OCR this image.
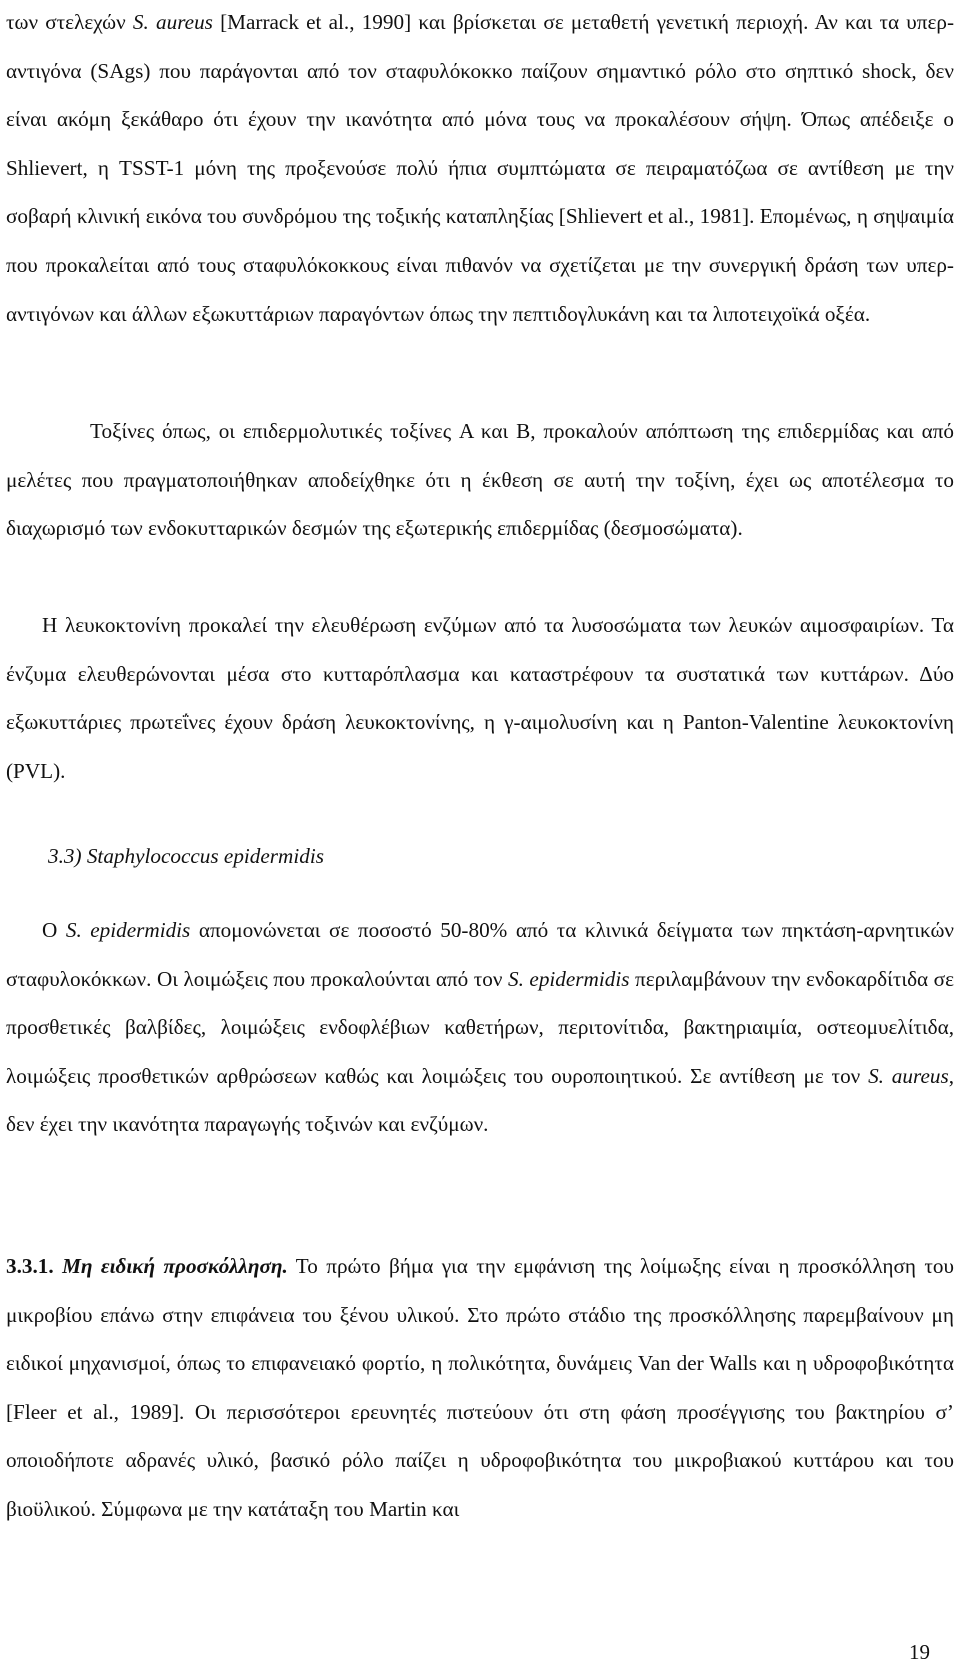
των στελεχών S. aureus [Marrack et al., 1990] και βρίσκεται σε μεταθετή γενετική περιοχή. Αν και τα υπερ-αντιγόνα (SAgs) που παράγονται από τον σταφυλόκοκκο παίζουν σημαντικό ρόλο στο σηπτικό shock, δεν είναι ακόμη ξεκάθαρο ότι έχουν την ικανότητα από μόνα τους να προκαλέσουν σήψη. Όπως απέδειξε ο Shlievert, η TSST-1 μόνη της προξενούσε πολύ ήπια συμπτώματα σε πειραματόζωα σε αντίθεση με την σοβαρή κλινική εικόνα του συνδρόμου της τοξικής καταπληξίας [Shlievert et al., 1981]. Επομένως, η σηψαιμία που προκαλείται από τους σταφυλόκοκκους είναι πιθανόν να σχετίζεται με την συνεργική δράση των υπερ-αντιγόνων και άλλων εξωκυττάριων παραγόντων όπως την πεπτιδογλυκάνη και τα λιποτειχοϊκά οξέα.

Τοξίνες όπως, οι επιδερμολυτικές τοξίνες A και B, προκαλούν απόπτωση της επιδερμίδας και από μελέτες που πραγματοποιήθηκαν αποδείχθηκε ότι η έκθεση σε αυτή την τοξίνη, έχει ως αποτέλεσμα το διαχωρισμό των ενδοκυτταρικών δεσμών της εξωτερικής επιδερμίδας (δεσμοσώματα).

Η λευκοκτονίνη προκαλεί την ελευθέρωση ενζύμων από τα λυσοσώματα των λευκών αιμοσφαιρίων. Τα ένζυμα ελευθερώνονται μέσα στο κυτταρόπλασμα και καταστρέφουν τα συστατικά των κυττάρων. Δύο εξωκυττάριες πρωτεΐνες έχουν δράση λευκοκτονίνης, η γ-αιμολυσίνη και η Panton-Valentine λευκοκτονίνη (PVL).

3.3) Staphylococcus epidermidis

Ο S. epidermidis απομονώνεται σε ποσοστό 50-80% από τα κλινικά δείγματα των πηκτάση-αρνητικών σταφυλοκόκκων. Οι λοιμώξεις που προκαλούνται από τον S. epidermidis περιλαμβάνουν την ενδοκαρδίτιδα σε προσθετικές βαλβίδες, λοιμώξεις ενδοφλέβιων καθετήρων, περιτονίτιδα, βακτηριαιμία, οστεομυελίτιδα, λοιμώξεις προσθετικών αρθρώσεων καθώς και λοιμώξεις του ουροποιητικού. Σε αντίθεση με τον S. aureus, δεν έχει την ικανότητα παραγωγής τοξινών και ενζύμων.

3.3.1. Μη ειδική προσκόλληση. Το πρώτο βήμα για την εμφάνιση της λοίμωξης είναι η προσκόλληση του μικροβίου επάνω στην επιφάνεια του ξένου υλικού. Στο πρώτο στάδιο της προσκόλλησης παρεμβαίνουν μη ειδικοί μηχανισμοί, όπως το επιφανειακό φορτίο, η πολικότητα, δυνάμεις Van der Walls και η υδροφοβικότητα [Fleer et al., 1989]. Οι περισσότεροι ερευνητές πιστεύουν ότι στη φάση προσέγγισης του βακτηρίου σ’ οποιοδήποτε αδρανές υλικό, βασικό ρόλο παίζει η υδροφοβικότητα του μικροβιακού κυττάρου και του βιοϋλικού. Σύμφωνα με την κατάταξη του Martin και

19
